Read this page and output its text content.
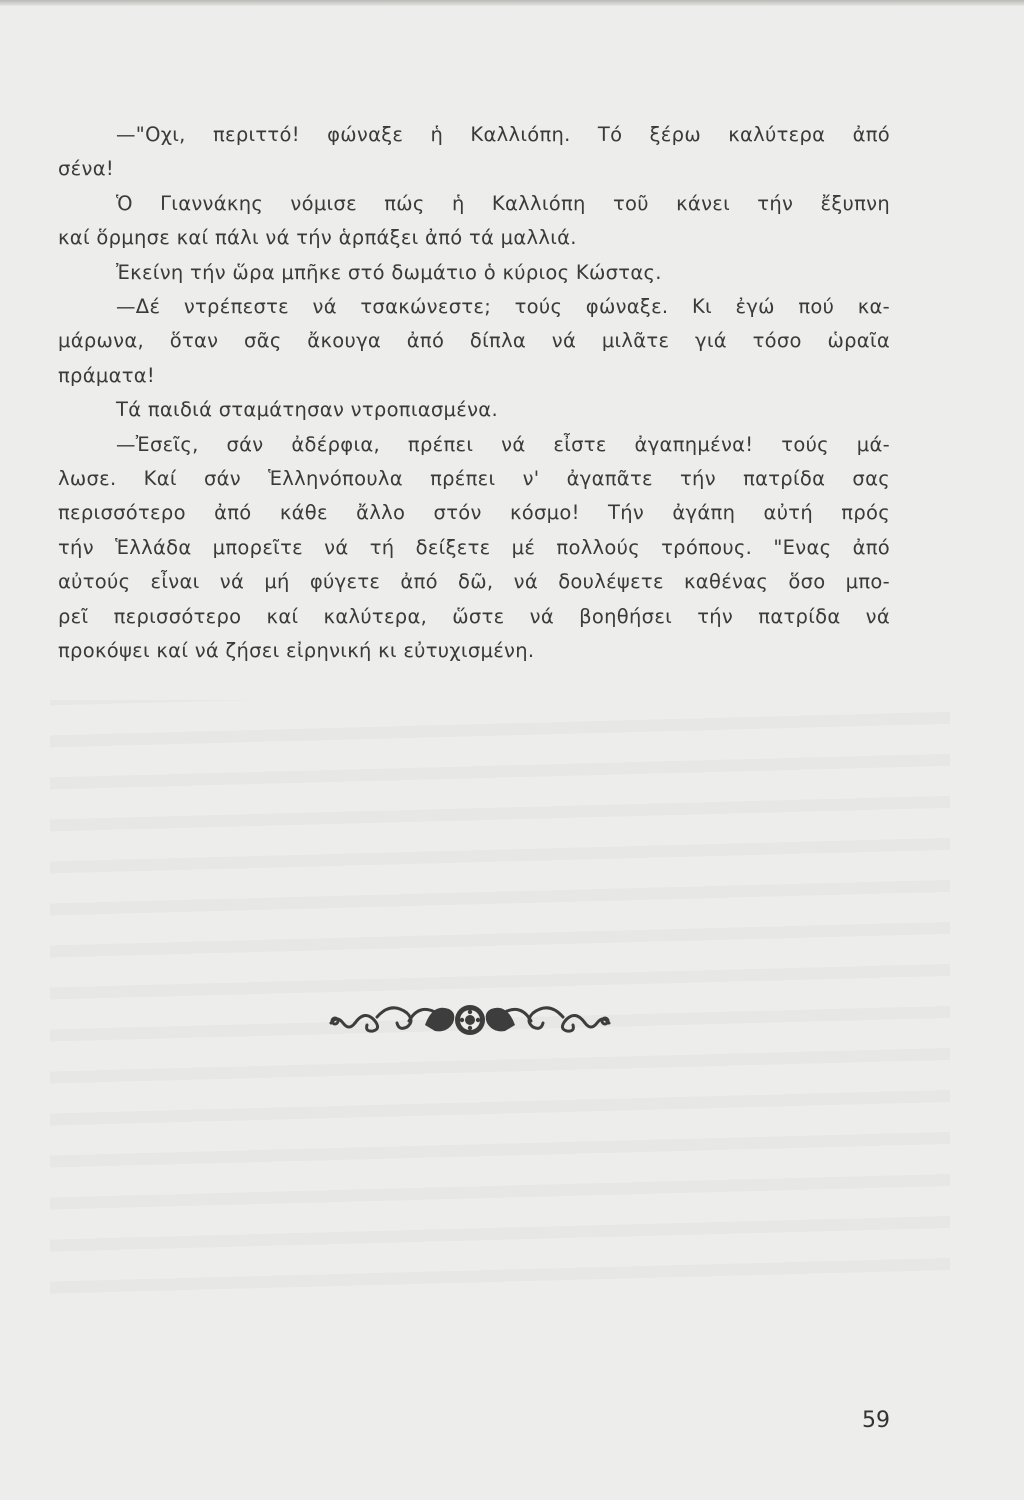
—"Οχι, περιττό! φώναξε ἡ Καλλιόπη. Τό ξέρω καλύτερα ἀπό
σένα!
Ὁ Γιαννάκης νόμισε πώς ἡ Καλλιόπη τοῦ κάνει τήν ἔξυπνη
καί ὅρμησε καί πάλι νά τήν ἁρπάξει ἀπό τά μαλλιά.
Ἐκείνη τήν ὥρα μπῆκε στό δωμάτιο ὁ κύριος Κώστας.
—Δέ ντρέπεστε νά τσακώνεστε; τούς φώναξε. Κι ἐγώ πού κα-
μάρωνα, ὅταν σᾶς ἄκουγα ἀπό δίπλα νά μιλᾶτε γιά τόσο ὡραῖα
πράματα!
Τά παιδιά σταμάτησαν ντροπιασμένα.
—Ἐσεῖς, σάν ἀδέρφια, πρέπει νά εἶστε ἀγαπημένα! τούς μά-
λωσε. Καί σάν Ἑλληνόπουλα πρέπει ν' ἀγαπᾶτε τήν πατρίδα σας
περισσότερο ἀπό κάθε ἄλλο στόν κόσμο! Τήν ἀγάπη αὐτή πρός
τήν Ἑλλάδα μπορεῖτε νά τή δείξετε μέ πολλούς τρόπους. "Ενας ἀπό
αὐτούς εἶναι νά μή φύγετε ἀπό δῶ, νά δουλέψετε καθένας ὅσο μπο-
ρεῖ περισσότερο καί καλύτερα, ὥστε νά βοηθήσει τήν πατρίδα νά
προκόψει καί νά ζήσει εἰρηνική κι εὐτυχισμένη.
59
